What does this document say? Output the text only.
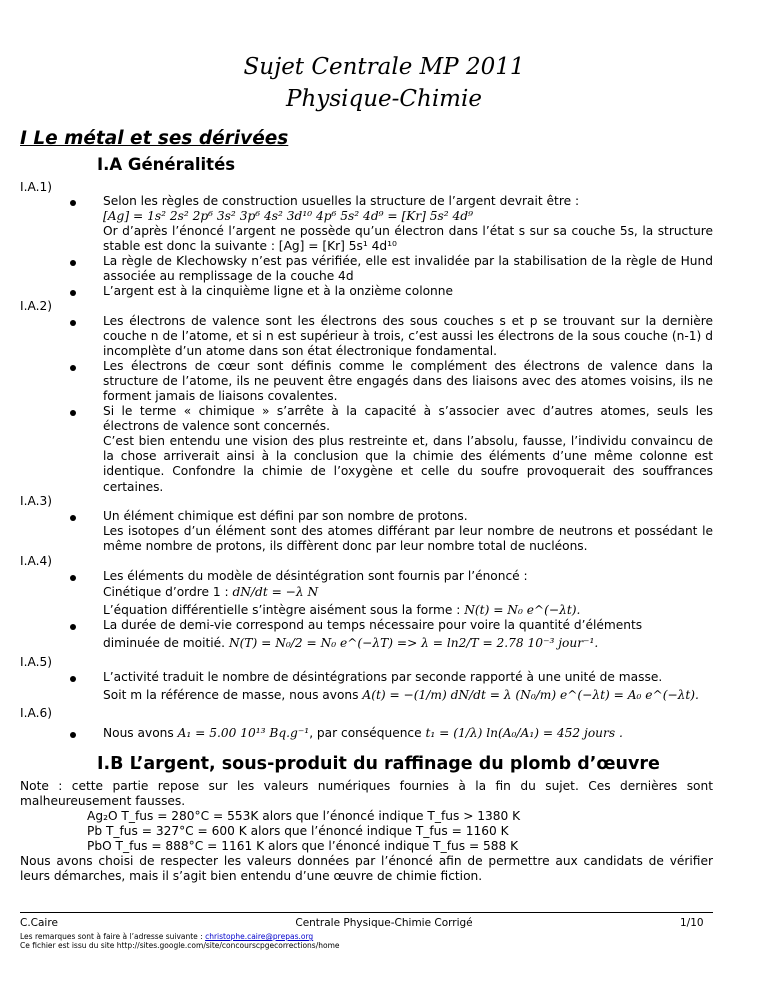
Sujet Centrale MP 2011
Physique-Chimie
I Le métal et ses dérivées
I.A Généralités
I.A.1)
Selon les règles de construction usuelles la structure de l’argent devrait être :
[Ag] = 1s² 2s² 2p⁶ 3s² 3p⁶ 4s² 3d¹⁰ 4p⁶ 5s² 4d⁹ = [Kr] 5s² 4d⁹
Or d’après l’énoncé l’argent ne possède qu’un électron dans l’état s sur sa couche 5s, la structure stable est donc la suivante : [Ag] = [Kr] 5s¹ 4d¹⁰
La règle de Klechowsky n’est pas vérifiée, elle est invalidée par la stabilisation de la règle de Hund associée au remplissage de la couche 4d
L’argent est à la cinquième ligne et à la onzième colonne
I.A.2)
Les électrons de valence sont les électrons des sous couches s et p se trouvant sur la dernière couche n de l’atome, et si n est supérieur à trois, c’est aussi les électrons de la sous couche (n-1) d incomplète d’un atome dans son état électronique fondamental.
Les électrons de cœur sont définis comme le complément des électrons de valence dans la structure de l’atome, ils ne peuvent être engagés dans des liaisons avec des atomes voisins, ils ne forment jamais de liaisons covalentes.
Si le terme « chimique » s’arrête à la capacité à s’associer avec d’autres atomes, seuls les électrons de valence sont concernés.
C’est bien entendu une vision des plus restreinte et, dans l’absolu, fausse, l’individu convaincu de la chose arriverait ainsi à la conclusion que la chimie des éléments d’une même colonne est identique. Confondre la chimie de l’oxygène et celle du soufre provoquerait des souffrances certaines.
I.A.3)
Un élément chimique est défini par son nombre de protons.
Les isotopes d’un élément sont des atomes différant par leur nombre de neutrons et possédant le même nombre de protons, ils diffèrent donc par leur nombre total de nucléons.
I.A.4)
Les éléments du modèle de désintégration sont fournis par l’énoncé :
Cinétique d’ordre 1 : dN/dt = −λ N
L’équation différentielle s’intègre aisément sous la forme : N(t) = N₀ e^(−λt).
La durée de demi-vie correspond au temps nécessaire pour voire la quantité d’éléments
diminuée de moitié. N(T) = N₀/2 = N₀ e^(−λT) => λ = ln2/T = 2.78 10⁻³ jour⁻¹.
I.A.5)
L’activité traduit le nombre de désintégrations par seconde rapporté à une unité de masse.
Soit m la référence de masse, nous avons A(t) = −(1/m) dN/dt = λ (N₀/m) e^(−λt) = A₀ e^(−λt).
I.A.6)
Nous avons A₁ = 5.00 10¹³ Bq.g⁻¹, par conséquence t₁ = (1/λ) ln(A₀/A₁) = 452 jours .
I.B L’argent, sous-produit du raffinage du plomb d’œuvre
Note : cette partie repose sur les valeurs numériques fournies à la fin du sujet. Ces dernières sont malheureusement fausses.
Ag₂O T_fus = 280°C = 553K alors que l’énoncé indique T_fus > 1380 K
Pb T_fus = 327°C = 600 K alors que l’énoncé indique T_fus = 1160 K
PbO T_fus = 888°C = 1161 K alors que l’énoncé indique T_fus = 588 K
Nous avons choisi de respecter les valeurs données par l’énoncé afin de permettre aux candidats de vérifier leurs démarches, mais il s’agit bien entendu d’une œuvre de chimie fiction.
C.Caire	Centrale Physique-Chimie Corrigé	1/10
Les remarques sont à faire à l’adresse suivante : christophe.caire@prepas.org
Ce fichier est issu du site http://sites.google.com/site/concourscpgecorrections/home
